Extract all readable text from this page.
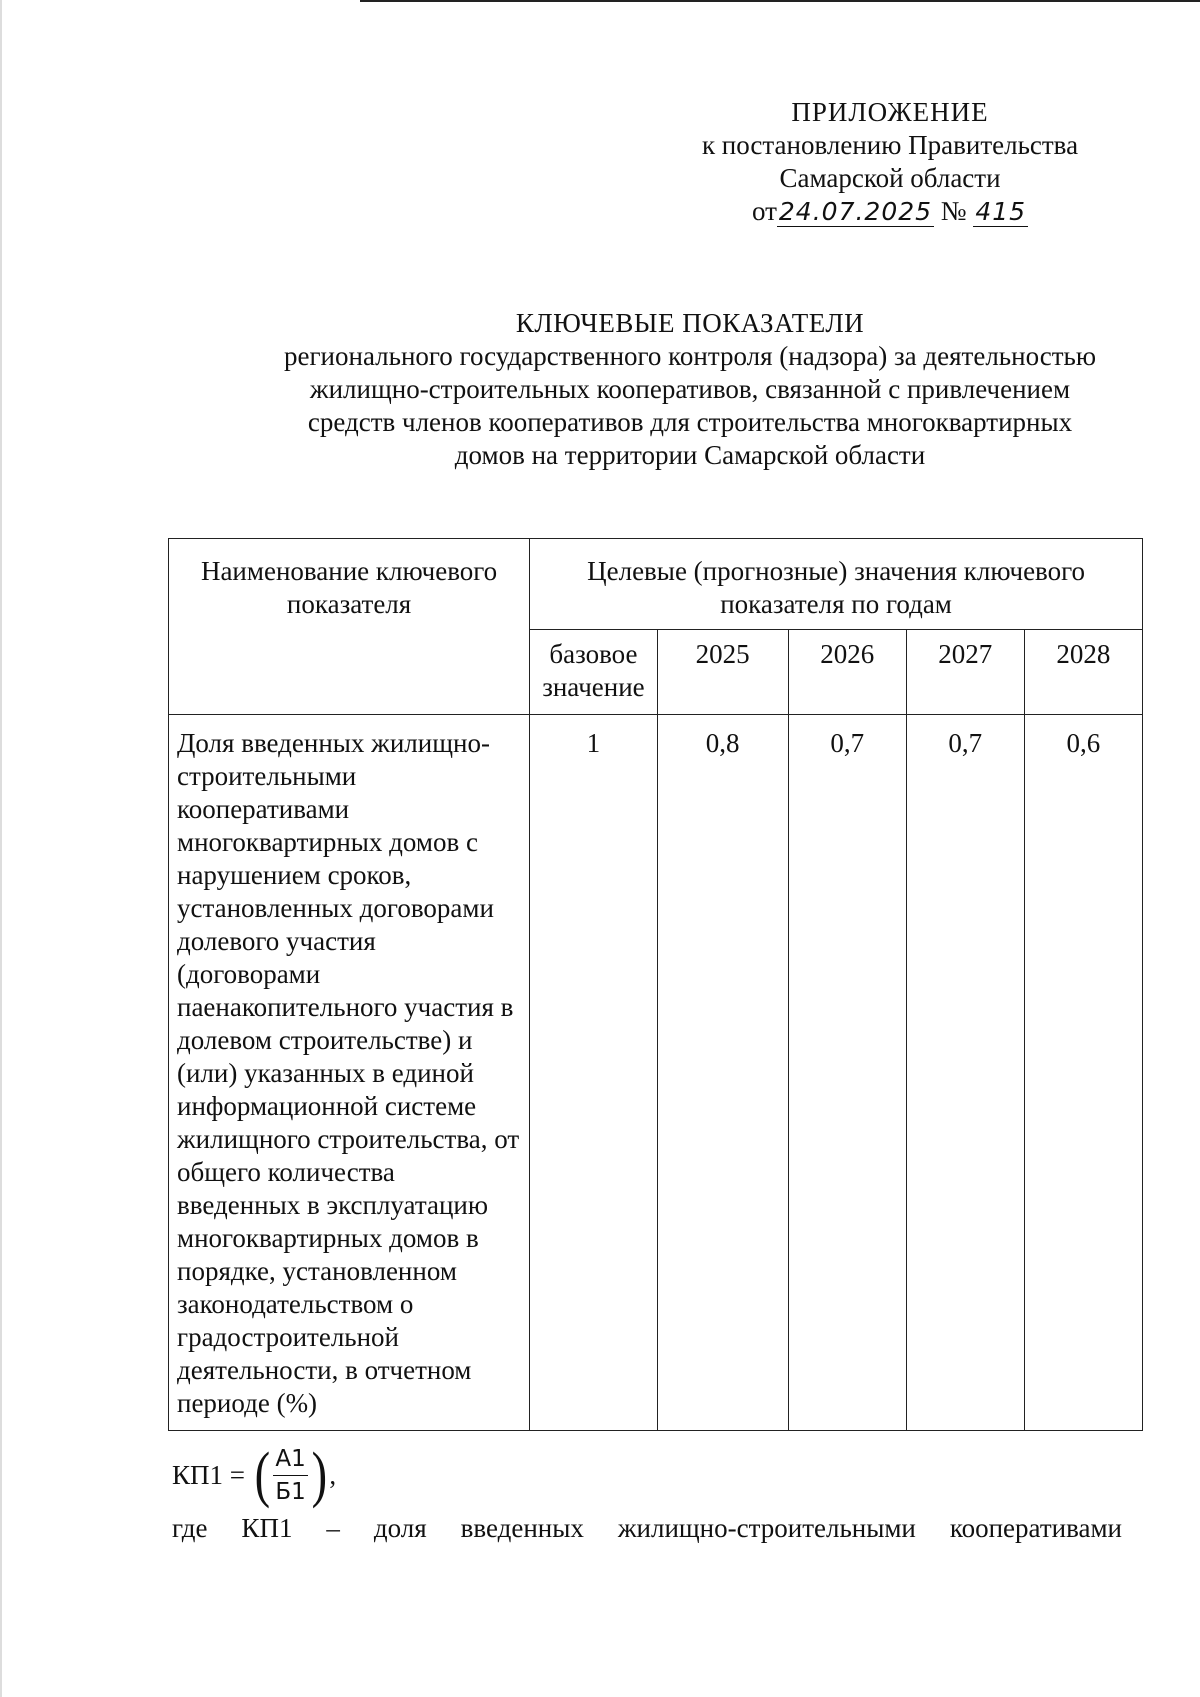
ПРИЛОЖЕНИЕ
к постановлению Правительства
Самарской области
от24.07.2025 № 415
КЛЮЧЕВЫЕ ПОКАЗАТЕЛИ
регионального государственного контроля (надзора) за деятельностью
жилищно-строительных кооперативов, связанной с привлечением
средств членов кооперативов для строительства многоквартирных
домов на территории Самарской области
Наименование ключевого показателя	Целевые (прогнозные) значения ключевого показателя по годам				
	базовое значение	2025	2026	2027	2028
Доля введенных жилищно-строительными кооперативами многоквартирных домов с нарушением сроков, установленных договорами долевого участия (договорами паенакопительного участия в долевом строительстве) и (или) указанных в единой информационной системе жилищного строительства, от общего количества введенных в эксплуатацию многоквартирных домов в порядке, установленном законодательством о градостроительной деятельности, в отчетном периоде (%)	1	0,8	0,7	0,7	0,6
КП1 =
( $\frac{А1}{Б1}$ ) ,
где КП1 – доля введенных жилищно-строительными кооперативами
